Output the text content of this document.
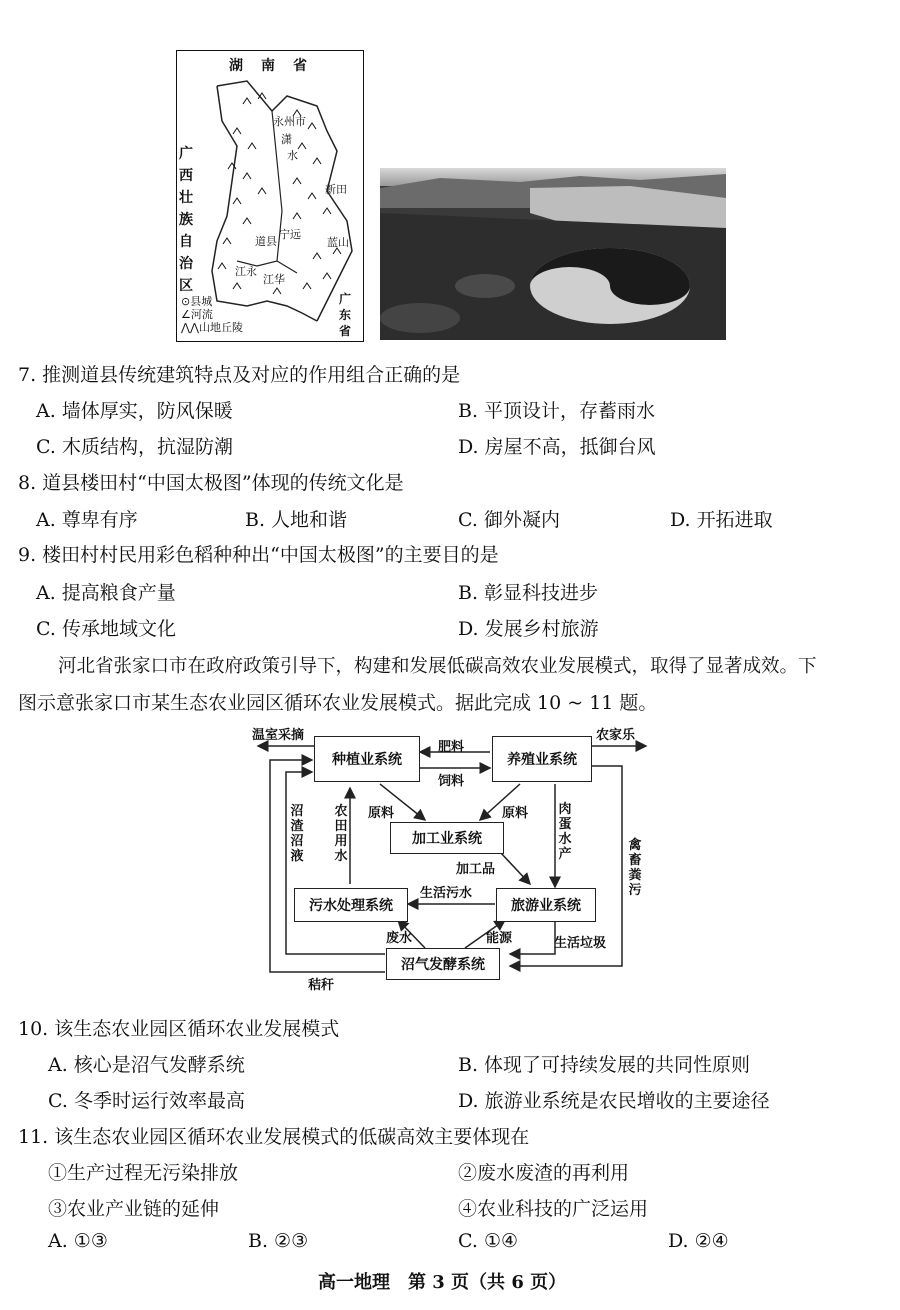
湖南省
广西壮族自治区
广东省
永州市
潇
水
新田
宁远
道县	蓝山
江永
江华
⊙县城
∠河流
⋀⋀山地丘陵
7. 推测道县传统建筑特点及对应的作用组合正确的是
A. 墙体厚实，防风保暖	B. 平顶设计，存蓄雨水
C. 木质结构，抗湿防潮	D. 房屋不高，抵御台风
8. 道县楼田村“中国太极图”体现的传统文化是
A. 尊卑有序	B. 人地和谐	C. 御外凝内	D. 开拓进取
9. 楼田村村民用彩色稻种种出“中国太极图”的主要目的是
A. 提高粮食产量	B. 彰显科技进步
C. 传承地域文化	D. 发展乡村旅游
河北省张家口市在政府政策引导下，构建和发展低碳高效农业发展模式，取得了显著成效。下
图示意张家口市某生态农业园区循环农业发展模式。据此完成 10 ~ 11 题。
种植业系统	养殖业系统
加工业系统
污水处理系统	旅游业系统
沼气发酵系统
温室采摘	农家乐
肥料
饲料
原料	原料
农田用水
沼渣沼液
肉蛋水产
禽畜粪污
加工品
生活污水
废水	能源	生活垃圾
秸秆
10. 该生态农业园区循环农业发展模式
A. 核心是沼气发酵系统	B. 体现了可持续发展的共同性原则
C. 冬季时运行效率最高	D. 旅游业系统是农民增收的主要途径
11. 该生态农业园区循环农业发展模式的低碳高效主要体现在
①生产过程无污染排放	②废水废渣的再利用
③农业产业链的延伸	④农业科技的广泛运用
A. ①③	B. ②③	C. ①④	D. ②④
高一地理　第 3 页（共 6 页）
